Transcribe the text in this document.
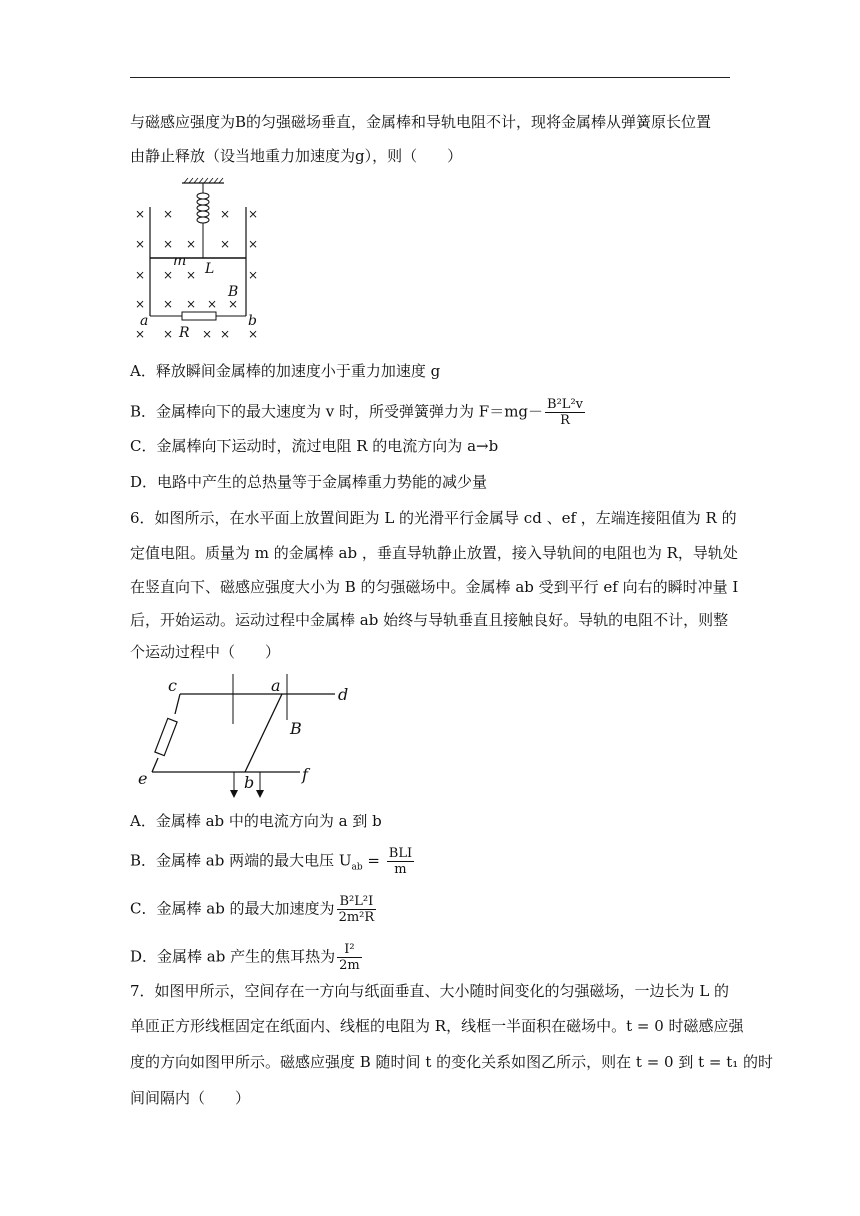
与磁感应强度为B的匀强磁场垂直，金属棒和导轨电阻不计，现将金属棒从弹簧原长位置
由静止释放（设当地重力加速度为g），则（　　）
× ×	× ×
× × × × ×
× × ×	×
× × × × ×
× × × × ×
m L
B
a	b
R
A．释放瞬间金属棒的加速度小于重力加速度 g
B．金属棒向下的最大速度为 v 时，所受弹簧弹力为 $F=mg- \frac{\text{B²L²v}}{R}$
C．金属棒向下运动时，流过电阻 R 的电流方向为 a→b
D．电路中产生的总热量等于金属棒重力势能的减少量
6．如图所示，在水平面上放置间距为 L 的光滑平行金属导 cd 、ef ，左端连接阻值为 R 的
定值电阻。质量为 m 的金属棒 ab ，垂直导轨静止放置，接入导轨间的电阻也为 R，导轨处
在竖直向下、磁感应强度大小为 B 的匀强磁场中。金属棒 ab 受到平行 ef 向右的瞬时冲量 I
后，开始运动。运动过程中金属棒 ab 始终与导轨垂直且接触良好。导轨的电阻不计，则整
个运动过程中（　　）
c	a	d
B
e	b	f
A．金属棒 ab 中的电流方向为 a 到 b
B．金属棒 ab 两端的最大电压 $U_{ab} = \frac{\text{BLI}}{m}$
C．金属棒 ab 的最大加速度为 $\frac{\text{B²L²I}}{\text{2m²R}}$
D．金属棒 ab 产生的焦耳热为 $\frac{\text{I²}}{2m}$
7．如图甲所示，空间存在一方向与纸面垂直、大小随时间变化的匀强磁场，一边长为 L 的
单匝正方形线框固定在纸面内、线框的电阻为 R，线框一半面积在磁场中。t = 0 时磁感应强
度的方向如图甲所示。磁感应强度 B 随时间 t 的变化关系如图乙所示，则在 t = 0 到 t = t₁ 的时
间间隔内（　　）
